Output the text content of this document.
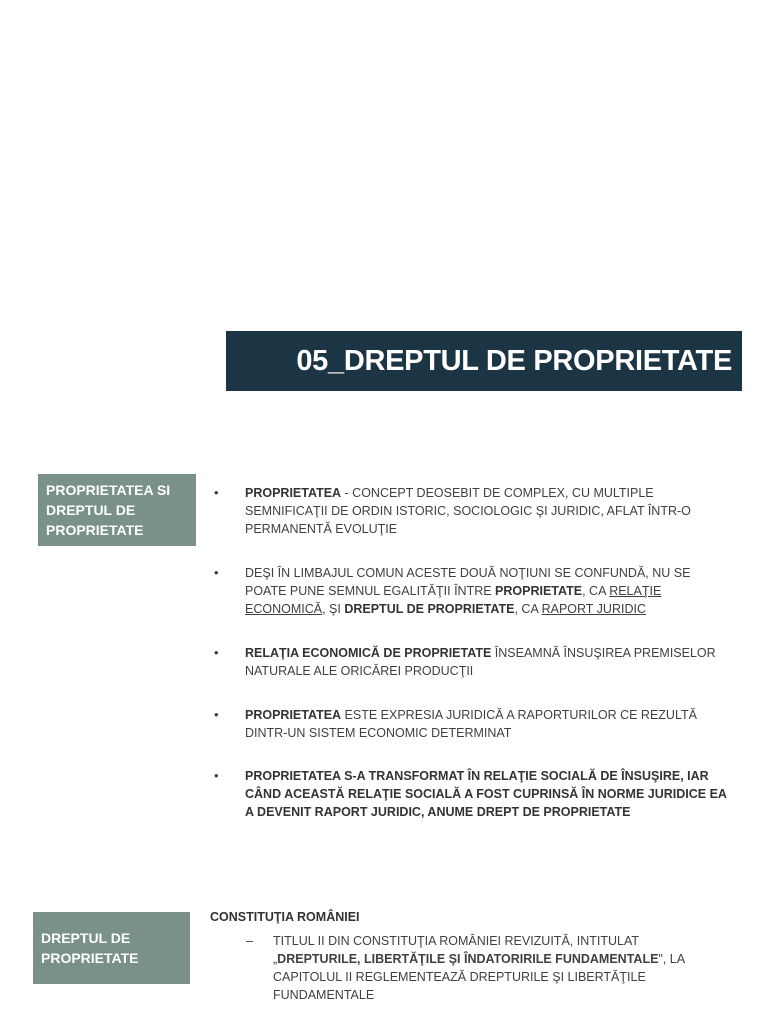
05_DREPTUL DE PROPRIETATE
PROPRIETATEA SI DREPTUL DE PROPRIETATE
• PROPRIETATEA - CONCEPT DEOSEBIT DE COMPLEX, CU MULTIPLE SEMNIFICAŢII DE ORDIN ISTORIC, SOCIOLOGIC ŞI JURIDIC, AFLAT ÎNTR-O PERMANENTĂ EVOLUŢIE
• DEŞI ÎN LIMBAJUL COMUN ACESTE DOUĂ NOŢIUNI SE CONFUNDĂ, NU SE POATE PUNE SEMNUL EGALITĂŢII ÎNTRE PROPRIETATE, CA RELAŢIE ECONOMICĂ, ŞI DREPTUL DE PROPRIETATE, CA RAPORT JURIDIC
• RELAŢIA ECONOMICĂ DE PROPRIETATE ÎNSEAMNĂ ÎNSUŞIREA PREMISELOR NATURALE ALE ORICĂREI PRODUCŢII
• PROPRIETATEA ESTE EXPRESIA JURIDICĂ A RAPORTURILOR CE REZULTĂ DINTR-UN SISTEM ECONOMIC DETERMINAT
• PROPRIETATEA S-A TRANSFORMAT ÎN RELAŢIE SOCIALĂ DE ÎNSUŞIRE, IAR CÂND ACEASTĂ RELAŢIE SOCIALĂ A FOST CUPRINSĂ ÎN NORME JURIDICE EA A DEVENIT RAPORT JURIDIC, ANUME DREPT DE PROPRIETATE
DREPTUL DE PROPRIETATE
CONSTITUŢIA ROMÂNIEI
– TITLUL II DIN CONSTITUŢIA ROMÂNIEI REVIZUITĂ, INTITULAT „DREPTURILE, LIBERTĂŢILE ŞI ÎNDATORIRILE FUNDAMENTALE", LA CAPITOLUL II REGLEMENTEAZĂ DREPTURILE ŞI LIBERTĂŢILE FUNDAMENTALE
